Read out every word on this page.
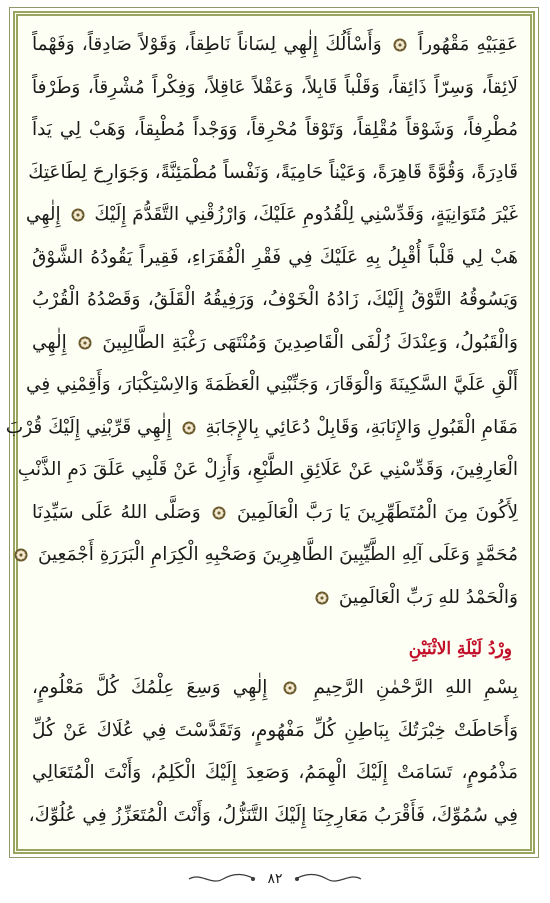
عَقِبَيْهِ مَقْهُوراً  وَأَسْأَلُكَ إِلٰهِي لِسَاناً نَاطِقاً، وَقَوْلاً صَادِقاً، وَفَهْماً
لَائِقاً، وَسِرّاً ذَائِقاً، وَقَلْباً قَابِلاً، وَعَقْلاً عَاقِلاً، وَفِكْراً مُشْرِقاً، وَطَرْفاً
مُطْرِفاً، وَشَوْقاً مُقْلِقاً، وَتَوْقاً مُحْرِقاً، وَوَجْداً مُطْبِقاً، وَهَبْ لِي يَداً
قَادِرَةً، وَقُوَّةً قَاهِرَةً، وَعَيْناً حَامِيَةً، وَنَفْساً مُطْمَئِنَّةً، وَجَوَارِحَ لِطَاعَتِكَ
غَيْرَ مُتَوَانِيَةٍ، وَقَدِّسْنِي لِلْقُدُومِ عَلَيْكَ، وَارْزُقْنِي التَّقَدُّمَ إِلَيْكَ  إِلٰهِي
هَبْ لِي قَلْباً أُقْبِلُ بِهِ عَلَيْكَ فِي فَقْرِ الْفُقَرَاءِ، فَقِيراً يَقُودُهُ الشَّوْقُ
وَيَسُوقُهُ التَّوْقُ إِلَيْكَ، زَادُهُ الْخَوْفُ، وَرَفِيقُهُ الْقَلَقُ، وَقَصْدُهُ الْقُرْبُ
وَالْقَبُولُ، وَعِنْدَكَ زُلْفَى الْقَاصِدِينَ وَمُنْتَهَى رَغْبَةِ الطَّالِبِينَ  إِلٰهِي
أَلْقِ عَلَيَّ السَّكِينَةَ وَالْوَقَارَ، وَجَنِّبْنِي الْعَظَمَةَ وَالاِسْتِكْبَارَ، وَأَقِمْنِي فِي
مَقَامِ الْقَبُولِ وَالإِنَابَةِ، وَقَابِلْ دُعَائِي بِالإِجَابَةِ  إِلٰهِي قَرِّبْنِي إِلَيْكَ قُرْبَ
الْعَارِفِينَ، وَقَدِّسْنِي عَنْ عَلَائِقِ الطَّبْعِ، وَأَزِلْ عَنْ قَلْبِي عَلَقَ دَمِ الذَّنْبِ
لِأَكُونَ مِنَ الْمُتَطَهِّرِينَ يَا رَبَّ الْعَالَمِينَ  وَصَلَّى اللهُ عَلَى سَيِّدِنَا
مُحَمَّدٍ وَعَلَى آلِهِ الطَّيِّبِينَ الطَّاهِرِينَ وَصَحْبِهِ الْكِرَامِ الْبَرَرَةِ أَجْمَعِينَ
وَالْحَمْدُ للهِ رَبِّ الْعَالَمِينَ
وِرْدُ لَيْلَةِ الاثْنَيْنِ
بِسْمِ اللهِ الرَّحْمٰنِ الرَّحِيمِ  إِلٰهِي وَسِعَ عِلْمُكَ كُلَّ مَعْلُومٍ،
وَأَحَاطَتْ خِبْرَتُكَ بِبَاطِنِ كُلِّ مَفْهُومٍ، وَتَقَدَّسْتَ فِي عُلَاكَ عَنْ كُلِّ
مَذْمُومٍ، تَسَامَتْ إِلَيْكَ الْهِمَمُ، وَصَعِدَ إِلَيْكَ الْكَلِمُ، وَأَنْتَ الْمُتَعَالِي
فِي سُمُوِّكَ، فَأَقْرَبُ مَعَارِجِنَا إِلَيْكَ التَّنَزُّلُ، وَأَنْتَ الْمُتَعَزِّزُ فِي عُلُوِّكَ،
٨٢
